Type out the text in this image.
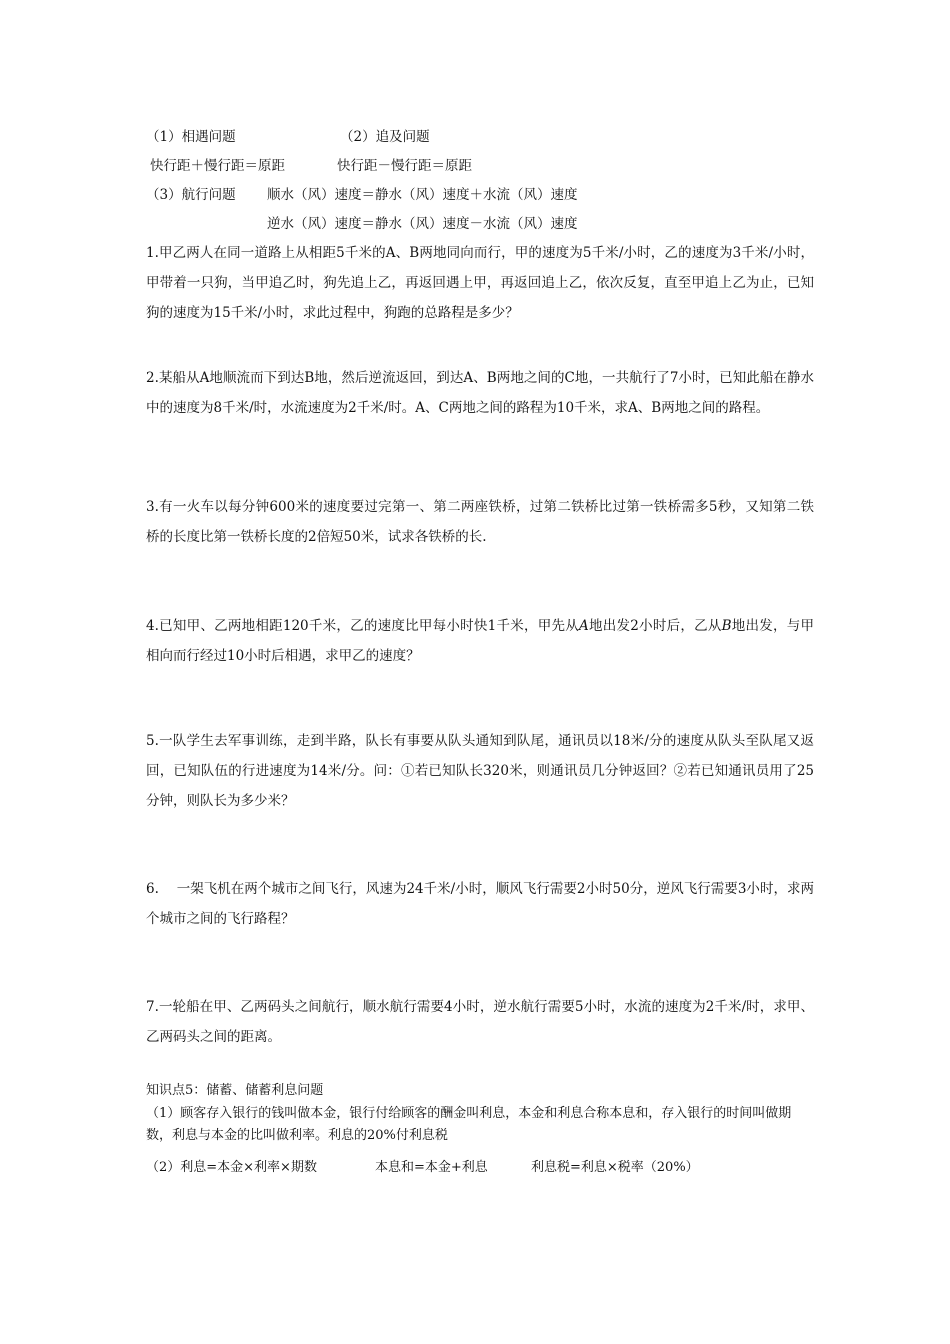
（1）相遇问题	（2）追及问题
快行距＋慢行距＝原距	快行距－慢行距＝原距
（3）航行问题 顺水（风）速度＝静水（风）速度＋水流（风）速度
逆水（风）速度＝静水（风）速度－水流（风）速度
1.甲乙两人在同一道路上从相距5千米的A、B两地同向而行，甲的速度为5千米/小时，乙的速度为3千米/小时，甲带着一只狗，当甲追乙时，狗先追上乙，再返回遇上甲，再返回追上乙，依次反复，直至甲追上乙为止，已知狗的速度为15千米/小时，求此过程中，狗跑的总路程是多少？
2.某船从A地顺流而下到达B地，然后逆流返回，到达A、B两地之间的C地，一共航行了7小时，已知此船在静水中的速度为8千米/时，水流速度为2千米/时。A、C两地之间的路程为10千米，求A、B两地之间的路程。
3.有一火车以每分钟600米的速度要过完第一、第二两座铁桥，过第二铁桥比过第一铁桥需多5秒，又知第二铁桥的长度比第一铁桥长度的2倍短50米，试求各铁桥的长.
4.已知甲、乙两地相距120千米，乙的速度比甲每小时快1千米，甲先从A地出发2小时后，乙从B地出发，与甲相向而行经过10小时后相遇，求甲乙的速度？
5.一队学生去军事训练，走到半路，队长有事要从队头通知到队尾，通讯员以18米/分的速度从队头至队尾又返回，已知队伍的行进速度为14米/分。问：①若已知队长320米，则通讯员几分钟返回？②若已知通讯员用了25分钟，则队长为多少米？
6.　 一架飞机在两个城市之间飞行，风速为24千米/小时，顺风飞行需要2小时50分，逆风飞行需要3小时，求两个城市之间的飞行路程？
7.一轮船在甲、乙两码头之间航行，顺水航行需要4小时，逆水航行需要5小时，水流的速度为2千米/时，求甲、乙两码头之间的距离。
知识点5：储蓄、储蓄利息问题
（1）顾客存入银行的钱叫做本金，银行付给顾客的酬金叫利息，本金和利息合称本息和，存入银行的时间叫做期数，利息与本金的比叫做利率。利息的20%付利息税
（2）利息=本金×利率×期数	本息和=本金+利息	利息税=利息×税率（20%）
